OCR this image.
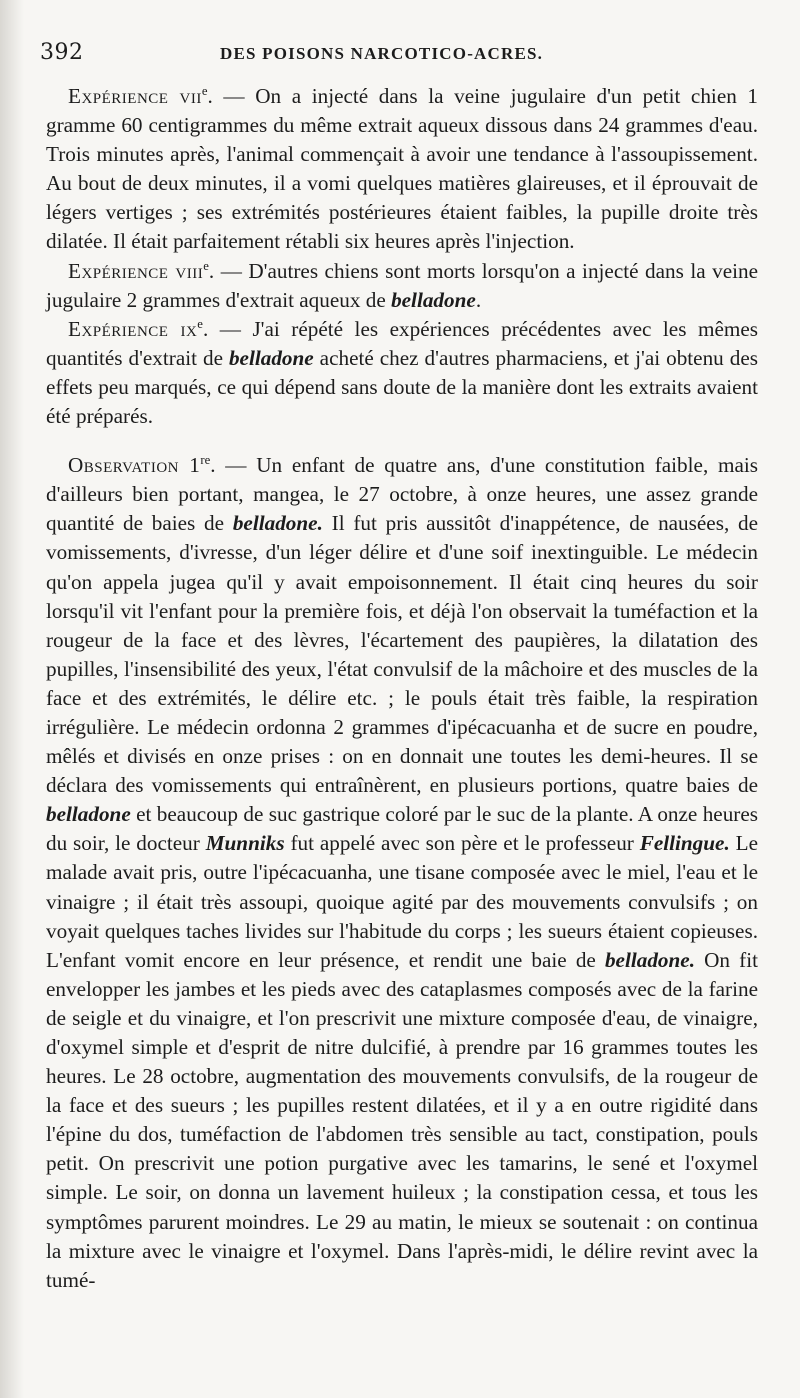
392	DES POISONS NARCOTICO-ACRES.

Expérience vii$^e$. — On a injecté dans la veine jugulaire d'un petit chien 1 gramme 60 centigrammes du même extrait aqueux dissous dans 24 grammes d'eau. Trois minutes après, l'animal commençait à avoir une tendance à l'assoupissement. Au bout de deux minutes, il a vomi quelques matières glaireuses, et il éprouvait de légers vertiges ; ses extrémités postérieures étaient faibles, la pupille droite très dilatée. Il était parfaitement rétabli six heures après l'injection.

Expérience viii$^e$. — D'autres chiens sont morts lorsqu'on a injecté dans la veine jugulaire 2 grammes d'extrait aqueux de belladone.

Expérience $ix^e$. — J'ai répété les expériences précédentes avec les mêmes quantités d'extrait de belladone acheté chez d'autres pharmaciens, et j'ai obtenu des effets peu marqués, ce qui dépend sans doute de la manière dont les extraits avaient été préparés.

Observation 1re. — Un enfant de quatre ans, d'une constitution faible, mais d'ailleurs bien portant, mangea, le 27 octobre, à onze heures, une assez grande quantité de baies de belladone. Il fut pris aussitôt d'inappétence, de nausées, de vomissements, d'ivresse, d'un léger délire et d'une soif inextinguible. Le médecin qu'on appela jugea qu'il y avait empoisonnement. Il était cinq heures du soir lorsqu'il vit l'enfant pour la première fois, et déjà l'on observait la tuméfaction et la rougeur de la face et des lèvres, l'écartement des paupières, la dilatation des pupilles, l'insensibilité des yeux, l'état convulsif de la mâchoire et des muscles de la face et des extrémités, le délire etc. ; le pouls était très faible, la respiration irrégulière. Le médecin ordonna 2 grammes d'ipécacuanha et de sucre en poudre, mêlés et divisés en onze prises : on en donnait une toutes les demi-heures. Il se déclara des vomissements qui entraînèrent, en plusieurs portions, quatre baies de belladone et beaucoup de suc gastrique coloré par le suc de la plante. A onze heures du soir, le docteur Munniks fut appelé avec son père et le professeur Fellingue. Le malade avait pris, outre l'ipécacuanha, une tisane composée avec le miel, l'eau et le vinaigre ; il était très assoupi, quoique agité par des mouvements convulsifs ; on voyait quelques taches livides sur l'habitude du corps ; les sueurs étaient copieuses. L'enfant vomit encore en leur présence, et rendit une baie de belladone. On fit envelopper les jambes et les pieds avec des cataplasmes composés avec de la farine de seigle et du vinaigre, et l'on prescrivit une mixture composée d'eau, de vinaigre, d'oxymel simple et d'esprit de nitre dulcifié, à prendre par 16 grammes toutes les heures. Le 28 octobre, augmentation des mouvements convulsifs, de la rougeur de la face et des sueurs ; les pupilles restent dilatées, et il y a en outre rigidité dans l'épine du dos, tuméfaction de l'abdomen très sensible au tact, constipation, pouls petit. On prescrivit une potion purgative avec les tamarins, le sené et l'oxymel simple. Le soir, on donna un lavement huileux ; la constipation cessa, et tous les symptômes parurent moindres. Le 29 au matin, le mieux se soutenait : on continua la mixture avec le vinaigre et l'oxymel. Dans l'après-midi, le délire revint avec la tumé-
